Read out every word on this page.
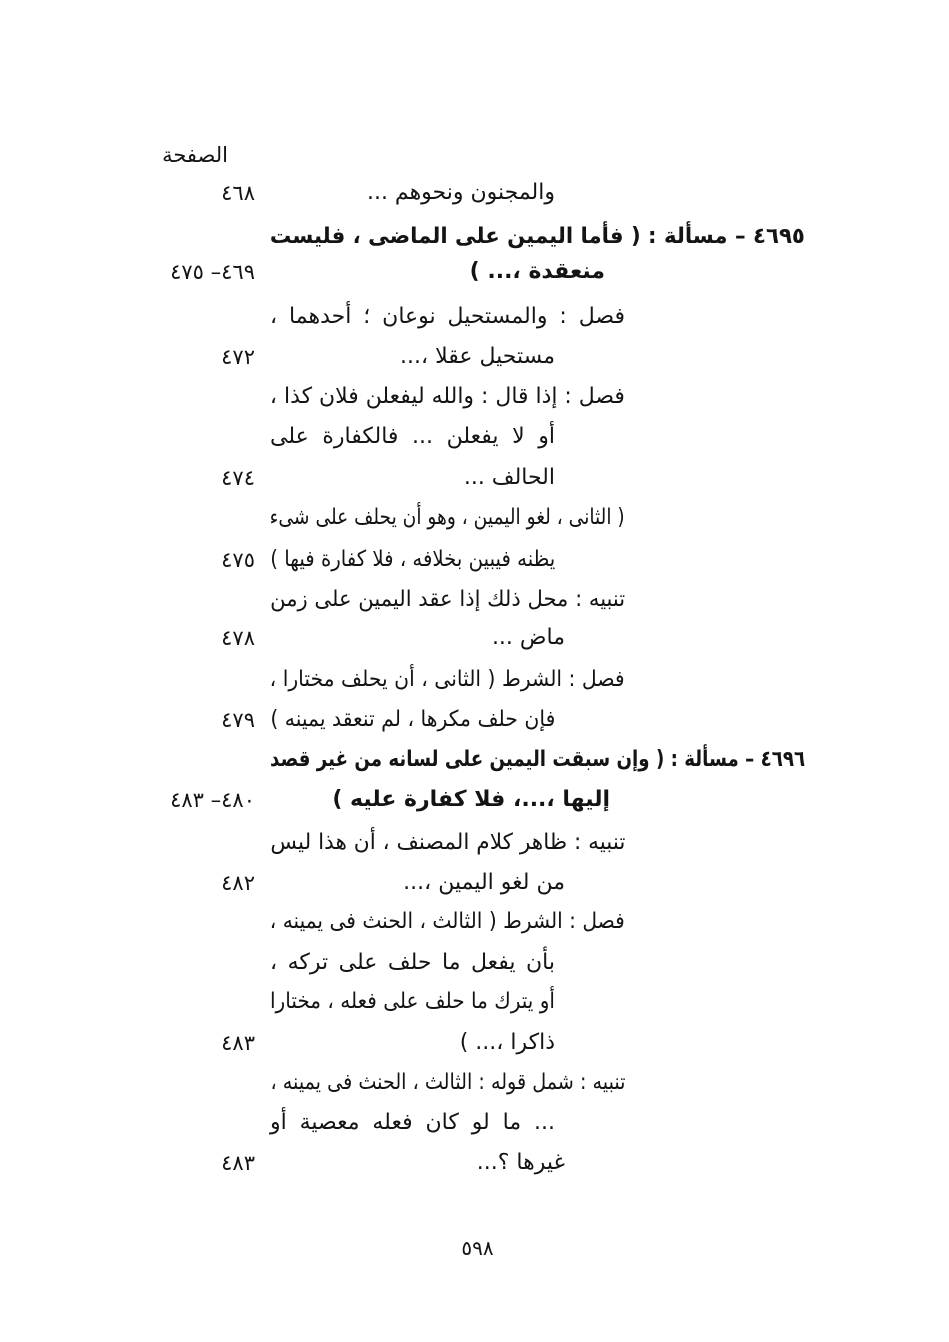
الصفحة
والمجنون ونحوهم ...
٤٦٨
٤٦٩٥ – مسألة : ( فأما اليمين على الماضى ، فليست
منعقدة ،... )
٤٦٩– ٤٧٥
فصل : والمستحيل نوعان ؛ أحدهما ،
مستحيل عقلا ،...
٤٧٢
فصل : إذا قال : والله ليفعلن فلان كذا ،
أو لا يفعلن ... فالكفارة على
الحالف ...
٤٧٤
( الثانى ، لغو اليمين ، وهو أن يحلف على شىء
يظنه فيبين بخلافه ، فلا كفارة فيها )
٤٧٥
تنبيه : محل ذلك إذا عقد اليمين على زمن
ماض ...
٤٧٨
فصل : الشرط ( الثانى ، أن يحلف مختارا ،
فإن حلف مكرها ، لم تنعقد يمينه )
٤٧٩
٤٦٩٦ – مسألة : ( وإن سبقت اليمين على لسانه من غير قصد
إليها ،...، فلا كفارة عليه )
٤٨٠– ٤٨٣
تنبيه : ظاهر كلام المصنف ، أن هذا ليس
من لغو اليمين ،...
٤٨٢
فصل : الشرط ( الثالث ، الحنث فى يمينه ،
بأن يفعل ما حلف على تركه ،
أو يترك ما حلف على فعله ، مختارا
ذاكرا ،... )
٤٨٣
تنبيه : شمل قوله : الثالث ، الحنث فى يمينه ،
... ما لو كان فعله معصية أو
غيرها ؟...
٤٨٣
٥٩٨
